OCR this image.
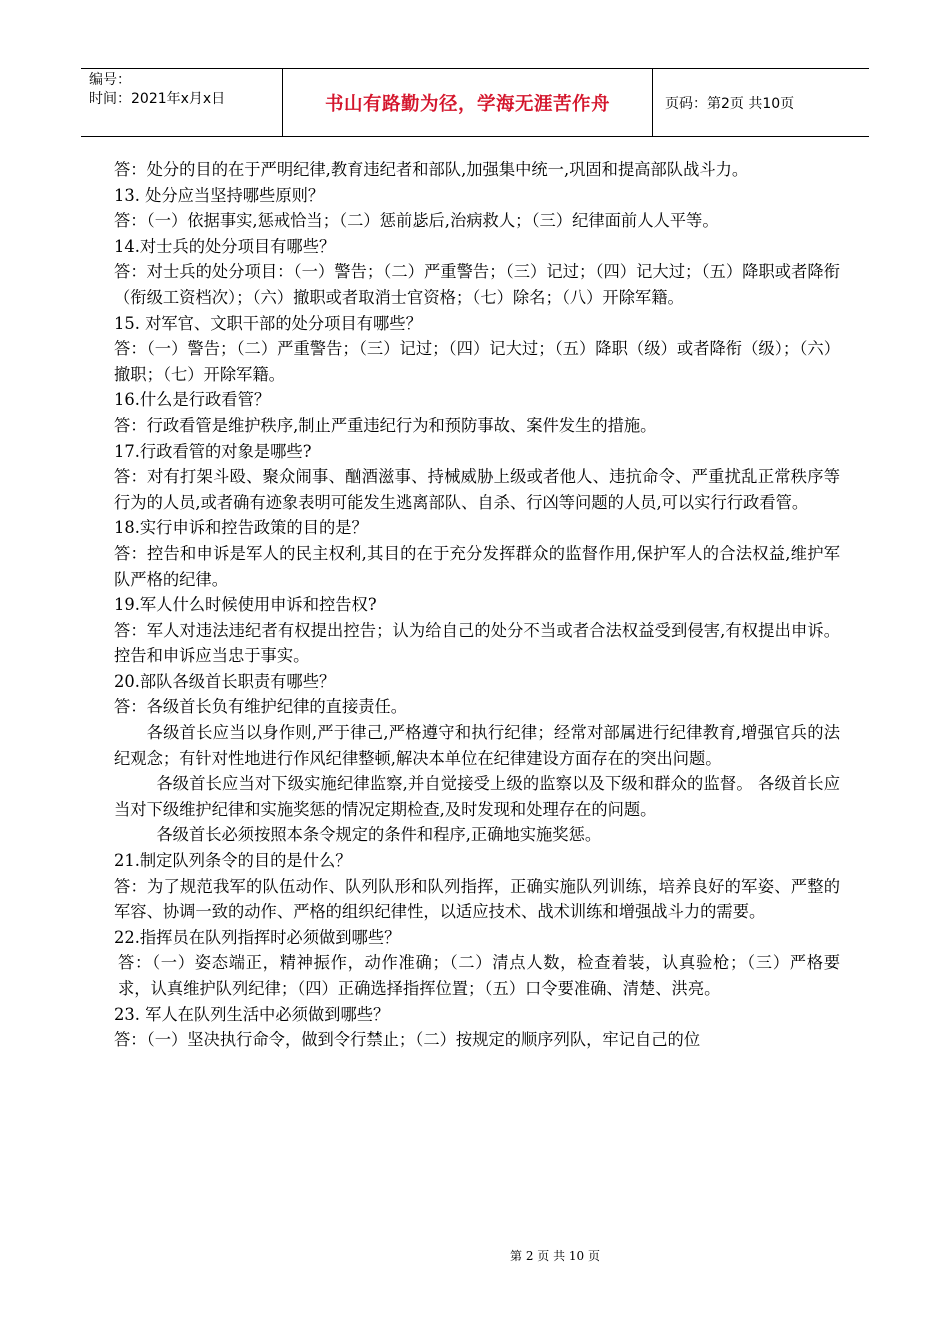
编号：
时间：2021年x月x日	书山有路勤为径，学海无涯苦作舟	页码：第2页 共10页

答：处分的目的在于严明纪律,教育违纪者和部队,加强集中统一,巩固和提高部队战斗力。

13. 处分应当坚持哪些原则？

答：（一）依据事实,惩戒恰当；（二）惩前毖后,治病救人；（三）纪律面前人人平等。

14.对士兵的处分项目有哪些？

答：对士兵的处分项目：（一）警告；（二）严重警告；（三）记过；（四）记大过；（五）降职或者降衔（衔级工资档次）；（六）撤职或者取消士官资格；（七）除名；（八）开除军籍。

15. 对军官、文职干部的处分项目有哪些？

答：（一）警告；（二）严重警告；（三）记过；（四）记大过；（五）降职（级）或者降衔（级）；（六）撤职；（七）开除军籍。

16.什么是行政看管？

答：行政看管是维护秩序,制止严重违纪行为和预防事故、案件发生的措施。

17.行政看管的对象是哪些?

答：对有打架斗殴、聚众闹事、酗酒滋事、持械威胁上级或者他人、违抗命令、严重扰乱正常秩序等行为的人员,或者确有迹象表明可能发生逃离部队、自杀、行凶等问题的人员,可以实行行政看管。

18.实行申诉和控告政策的目的是？

答：控告和申诉是军人的民主权利,其目的在于充分发挥群众的监督作用,保护军人的合法权益,维护军队严格的纪律。

19.军人什么时候使用申诉和控告权?

答：军人对违法违纪者有权提出控告；认为给自己的处分不当或者合法权益受到侵害,有权提出申诉。控告和申诉应当忠于事实。

20.部队各级首长职责有哪些？

答：各级首长负有维护纪律的直接责任。

各级首长应当以身作则,严于律己,严格遵守和执行纪律；经常对部属进行纪律教育,增强官兵的法纪观念；有针对性地进行作风纪律整顿,解决本单位在纪律建设方面存在的突出问题。

各级首长应当对下级实施纪律监察,并自觉接受上级的监察以及下级和群众的监督。 各级首长应当对下级维护纪律和实施奖惩的情况定期检查,及时发现和处理存在的问题。

各级首长必须按照本条令规定的条件和程序,正确地实施奖惩。

21.制定队列条令的目的是什么？

答：为了规范我军的队伍动作、队列队形和队列指挥，正确实施队列训练，培养良好的军姿、严整的军容、协调一致的动作、严格的组织纪律性，以适应技术、战术训练和增强战斗力的需要。

22.指挥员在队列指挥时必须做到哪些？

答：（一）姿态端正，精神振作，动作准确；（二）清点人数，检查着装，认真验枪；（三）严格要求，认真维护队列纪律；（四）正确选择指挥位置；（五）口令要准确、清楚、洪亮。

23. 军人在队列生活中必须做到哪些？

答：（一）坚决执行命令，做到令行禁止；（二）按规定的顺序列队，牢记自己的位

第 2 页 共 10 页
